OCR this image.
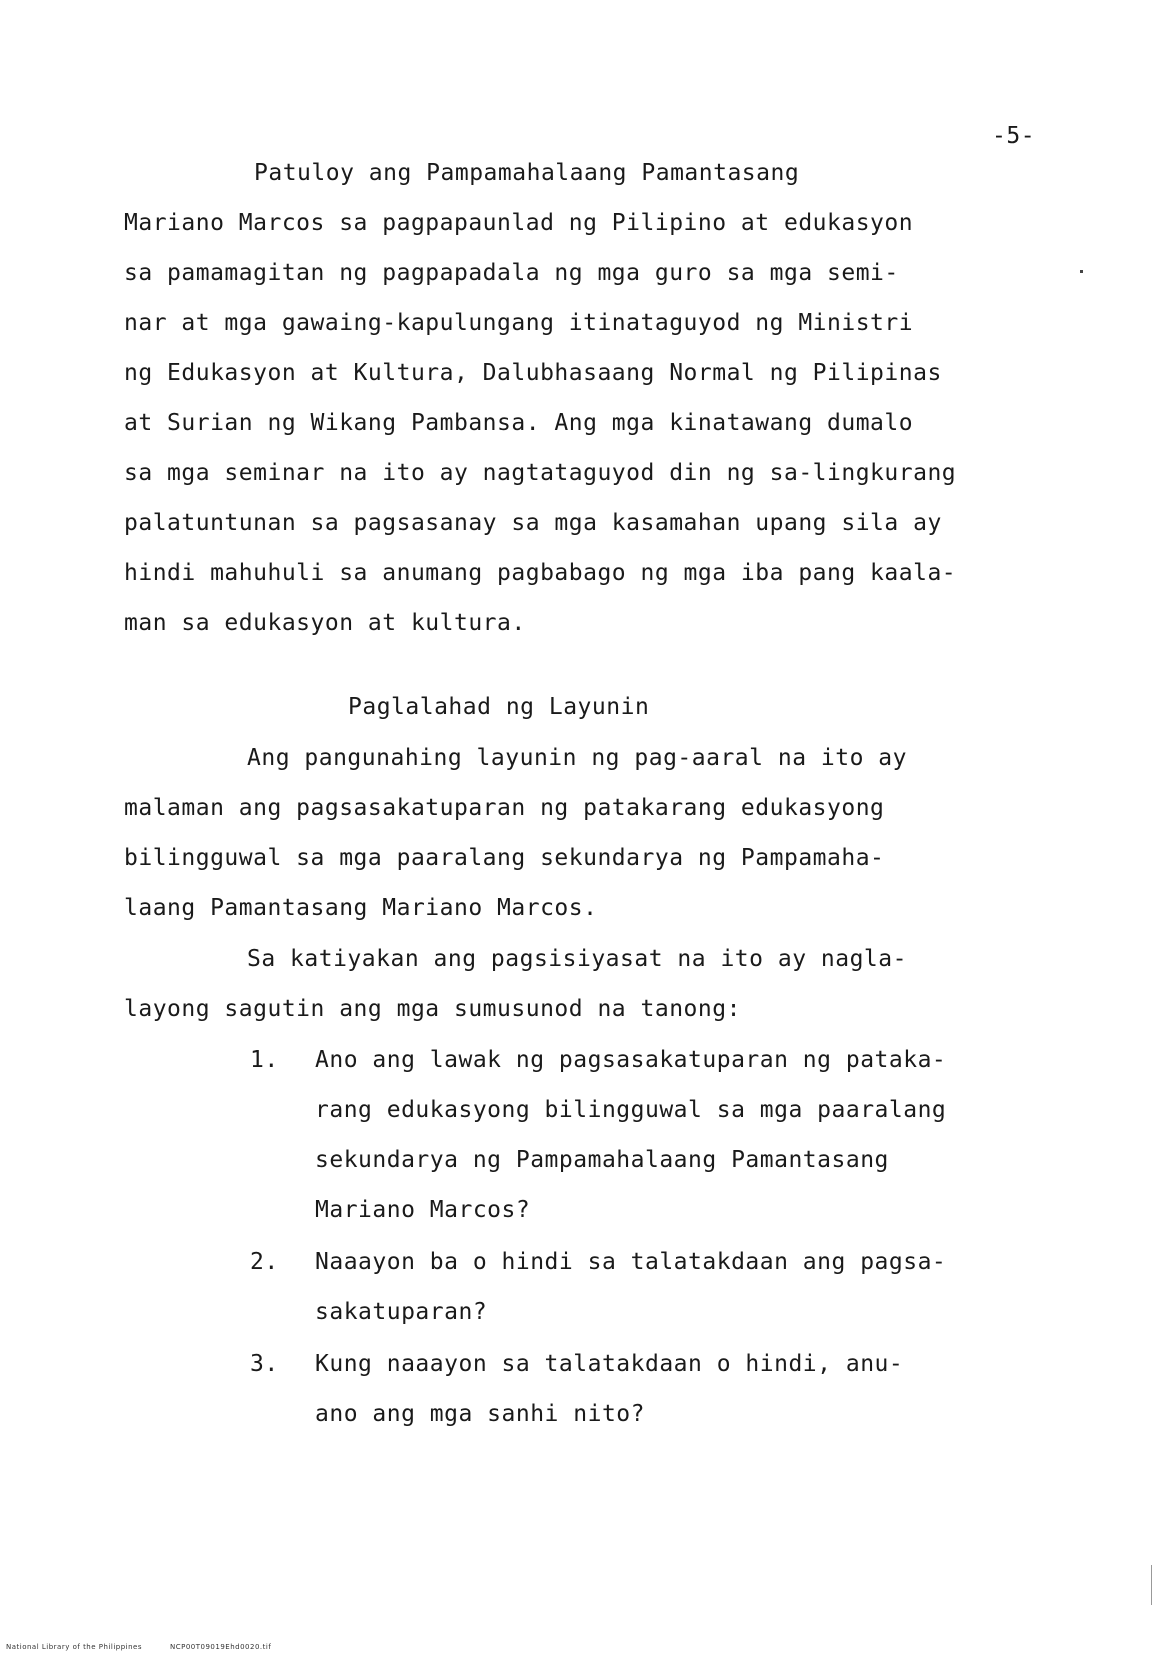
-5-
Patuloy ang Pampamahalaang Pamantasang
Mariano Marcos sa pagpapaunlad ng Pilipino at edukasyon
sa pamamagitan ng pagpapadala ng mga guro sa mga semi-
nar at mga gawaing-kapulungang itinataguyod ng Ministri
ng Edukasyon at Kultura, Dalubhasaang Normal ng Pilipinas
at Surian ng Wikang Pambansa. Ang mga kinatawang dumalo
sa mga seminar na ito ay nagtataguyod din ng sa-lingkurang
palatuntunan sa pagsasanay sa mga kasamahan upang sila ay
hindi mahuhuli sa anumang pagbabago ng mga iba pang kaala-
man sa edukasyon at kultura.
Paglalahad ng Layunin
Ang pangunahing layunin ng pag-aaral na ito ay
malaman ang pagsasakatuparan ng patakarang edukasyong
bilingguwal sa mga paaralang sekundarya ng Pampamaha-
laang Pamantasang Mariano Marcos.
Sa katiyakan ang pagsisiyasat na ito ay nagla-
layong sagutin ang mga sumusunod na tanong:
1. Ano ang lawak ng pagsasakatuparan ng pataka-
rang edukasyong bilingguwal sa mga paaralang
sekundarya ng Pampamahalaang Pamantasang
Mariano Marcos?
2. Naaayon ba o hindi sa talatakdaan ang pagsa-
sakatuparan?
3. Kung naaayon sa talatakdaan o hindi, anu-
ano ang mga sanhi nito?
National Library of the Philippines	NCP00T09019Ehd0020.tif
